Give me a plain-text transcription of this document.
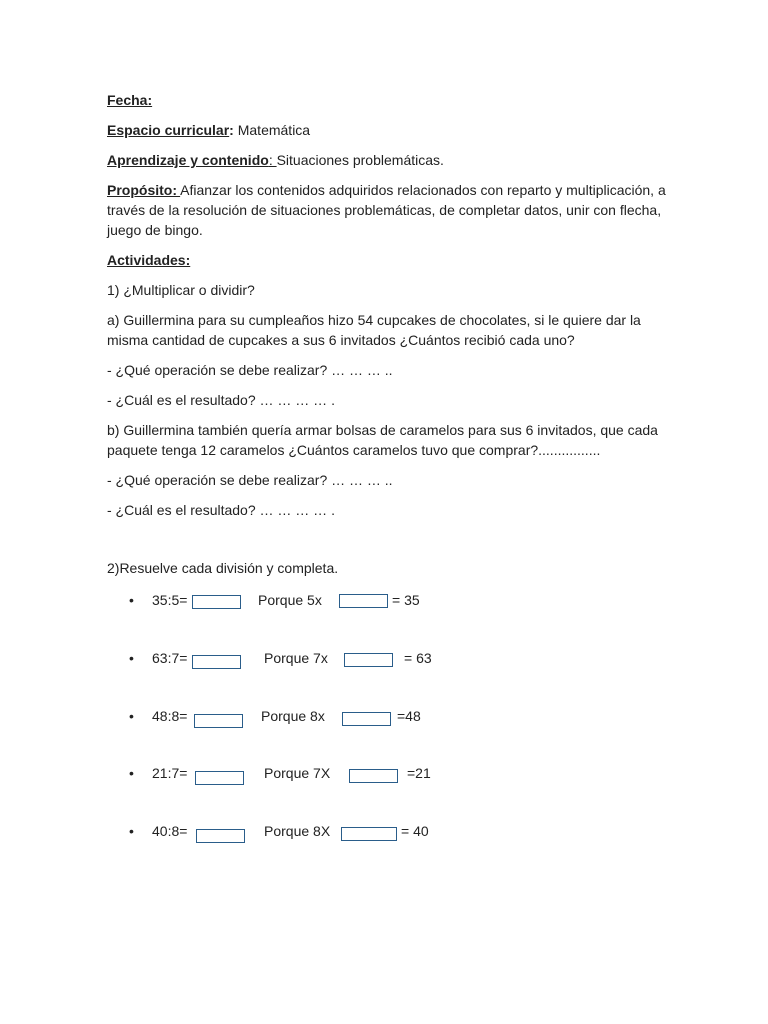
Fecha:

Espacio curricular: Matemática

Aprendizaje y contenido: Situaciones problemáticas.

Propósito: Afianzar los contenidos adquiridos relacionados con reparto y multiplicación, a través de la resolución de situaciones problemáticas, de completar datos, unir con flecha, juego de bingo.

Actividades:

1) ¿Multiplicar o dividir?

a) Guillermina para su cumpleaños hizo 54 cupcakes de chocolates, si le quiere dar la misma cantidad de cupcakes a sus 6 invitados ¿Cuántos recibió cada uno?

- ¿Qué operación se debe realizar? … … … ..

- ¿Cuál es el resultado? … … … … .

b) Guillermina también quería armar bolsas de caramelos para sus 6 invitados, que cada paquete tenga 12 caramelos ¿Cuántos caramelos tuvo que comprar?................

- ¿Qué operación se debe realizar? … … … ..

- ¿Cuál es el resultado? … … … … .

2)Resuelve cada división y completa.

• 35:5=	Porque 5x	= 35
• 63:7=	Porque 7x	= 63
• 48:8=	Porque 8x	=48
• 21:7=	Porque 7X	=21
• 40:8=	Porque 8X	= 40
